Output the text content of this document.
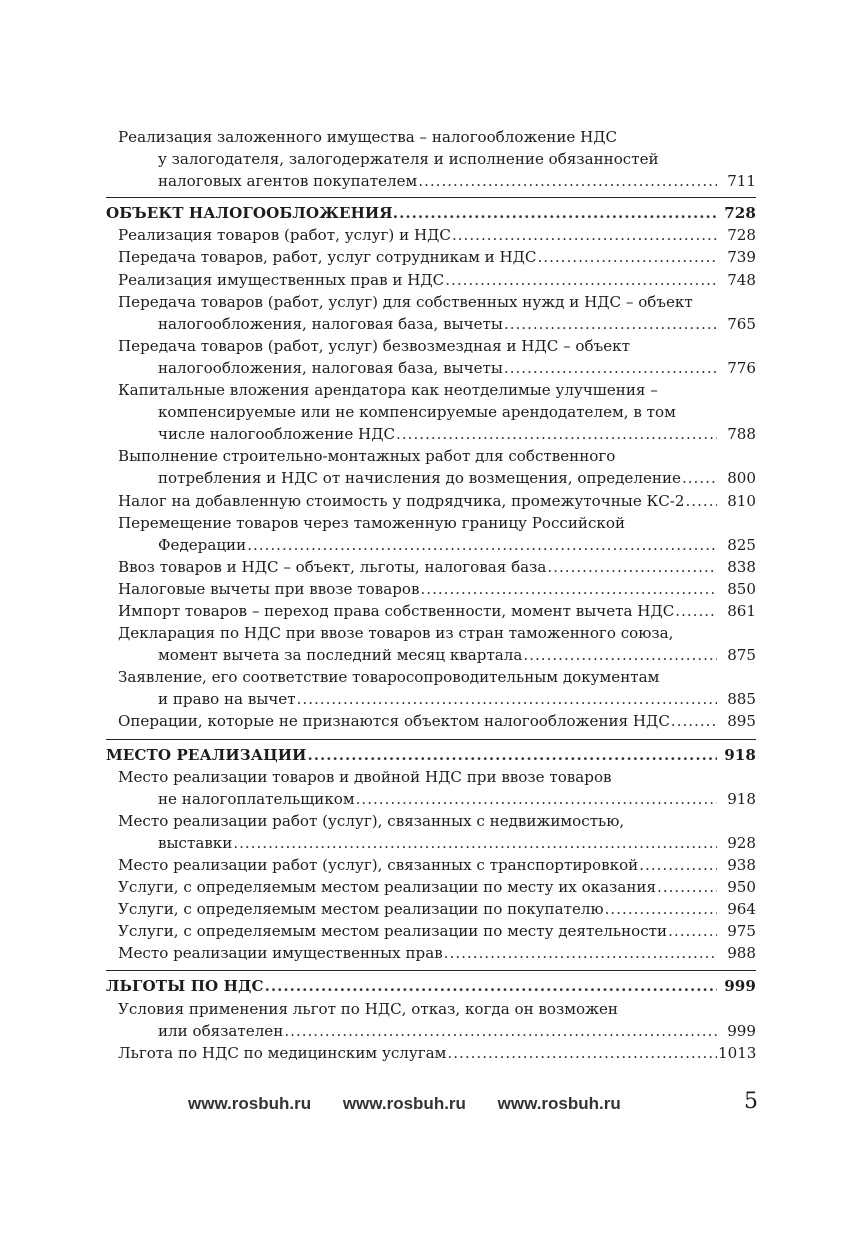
Реализация заложенного имущества – налогообложение НДС
у залогодателя, залогодержателя и исполнение обязанностей
налоговых агентов покупателем .....	711
ОБЪЕКТ НАЛОГООБЛОЖЕНИЯ. .....	728
Реализация товаров (работ, услуг) и НДС .....	728
Передача товаров, работ, услуг сотрудникам и НДС .....	739
Реализация имущественных прав и НДС .....	748
Передача товаров (работ, услуг) для собственных нужд и НДС – объект
налогообложения, налоговая база, вычеты .....	765
Передача товаров (работ, услуг) безвозмездная и НДС – объект
налогообложения, налоговая база, вычеты .....	776
Капитальные вложения арендатора как неотделимые улучшения –
компенсируемые или не компенсируемые арендодателем, в том
числе налогообложение НДС .....	788
Выполнение строительно-монтажных работ для собственного
потребления и НДС от начисления до возмещения, определение .....	800
Налог на добавленную стоимость у подрядчика, промежуточные КС-2 .....	810
Перемещение товаров через таможенную границу Российской
Федерации .....	825
Ввоз товаров и НДС – объект, льготы, налоговая база .....	838
Налоговые вычеты при ввозе товаров .....	850
Импорт товаров – переход права собственности, момент вычета НДС .....	861
Декларация по НДС при ввозе товаров из стран таможенного союза,
момент вычета за последний месяц квартала .....	875
Заявление, его соответствие товаросопроводительным документам
и право на вычет .....	885
Операции, которые не признаются объектом налогообложения НДС .....	895
МЕСТО РЕАЛИЗАЦИИ .....	918
Место реализации товаров и двойной НДС при ввозе товаров
не налогоплательщиком .....	918
Место реализации работ (услуг), связанных с недвижимостью,
выставки .....	928
Место реализации работ (услуг), связанных с транспортировкой .....	938
Услуги, с определяемым местом реализации по месту их оказания .....	950
Услуги, с определяемым местом реализации по покупателю .....	964
Услуги, с определяемым местом реализации по месту деятельности .....	975
Место реализации имущественных прав .....	988
ЛЬГОТЫ ПО НДС .....	999
Условия применения льгот по НДС, отказ, когда он возможен
или обязателен .....	999
Льгота по НДС по медицинским услугам .....	1013
www.rosbuh.ru www.rosbuh.ru www.rosbuh.ru	5
